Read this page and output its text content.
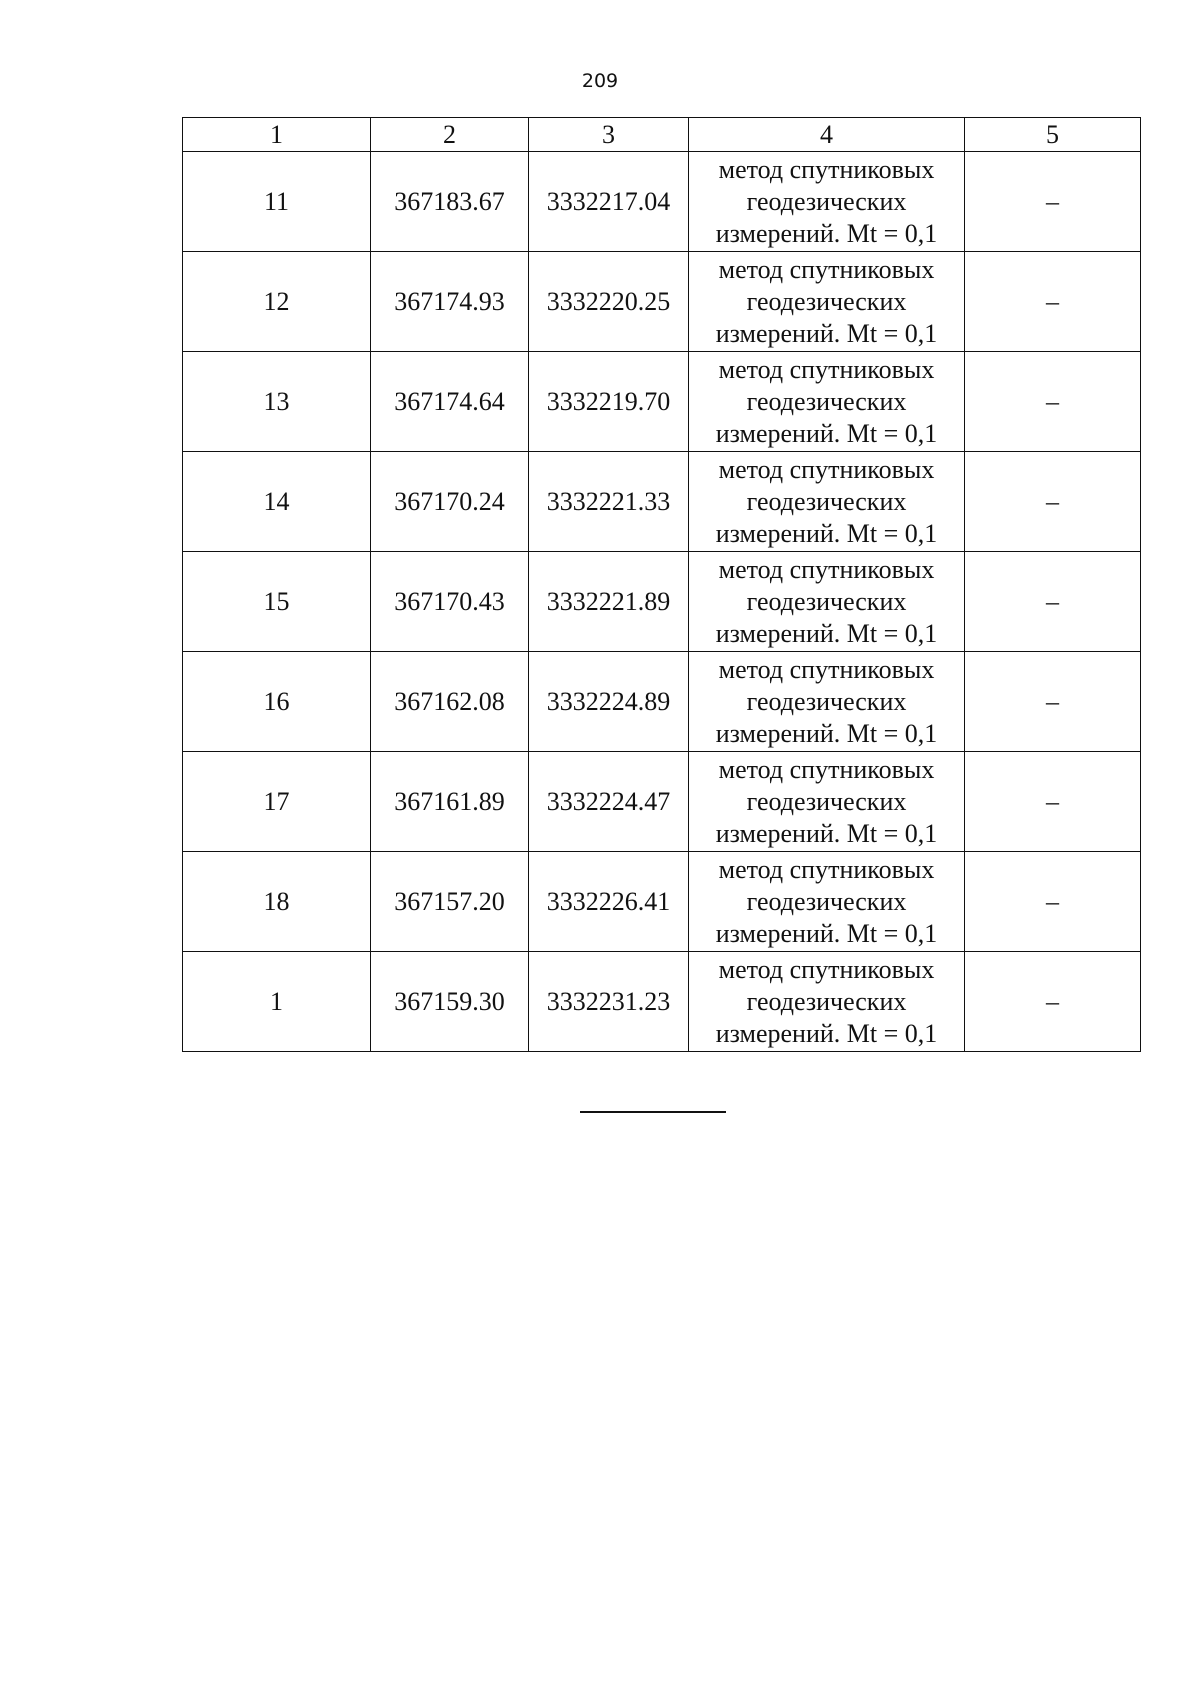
209
1	2	3	4	5
11	367183.67	3332217.04	метод спутниковых
геодезических
измерений. Mt = 0,1	–
12	367174.93	3332220.25	метод спутниковых
геодезических
измерений. Mt = 0,1	–
13	367174.64	3332219.70	метод спутниковых
геодезических
измерений. Mt = 0,1	–
14	367170.24	3332221.33	метод спутниковых
геодезических
измерений. Mt = 0,1	–
15	367170.43	3332221.89	метод спутниковых
геодезических
измерений. Mt = 0,1	–
16	367162.08	3332224.89	метод спутниковых
геодезических
измерений. Mt = 0,1	–
17	367161.89	3332224.47	метод спутниковых
геодезических
измерений. Mt = 0,1	–
18	367157.20	3332226.41	метод спутниковых
геодезических
измерений. Mt = 0,1	–
1	367159.30	3332231.23	метод спутниковых
геодезических
измерений. Mt = 0,1	–
